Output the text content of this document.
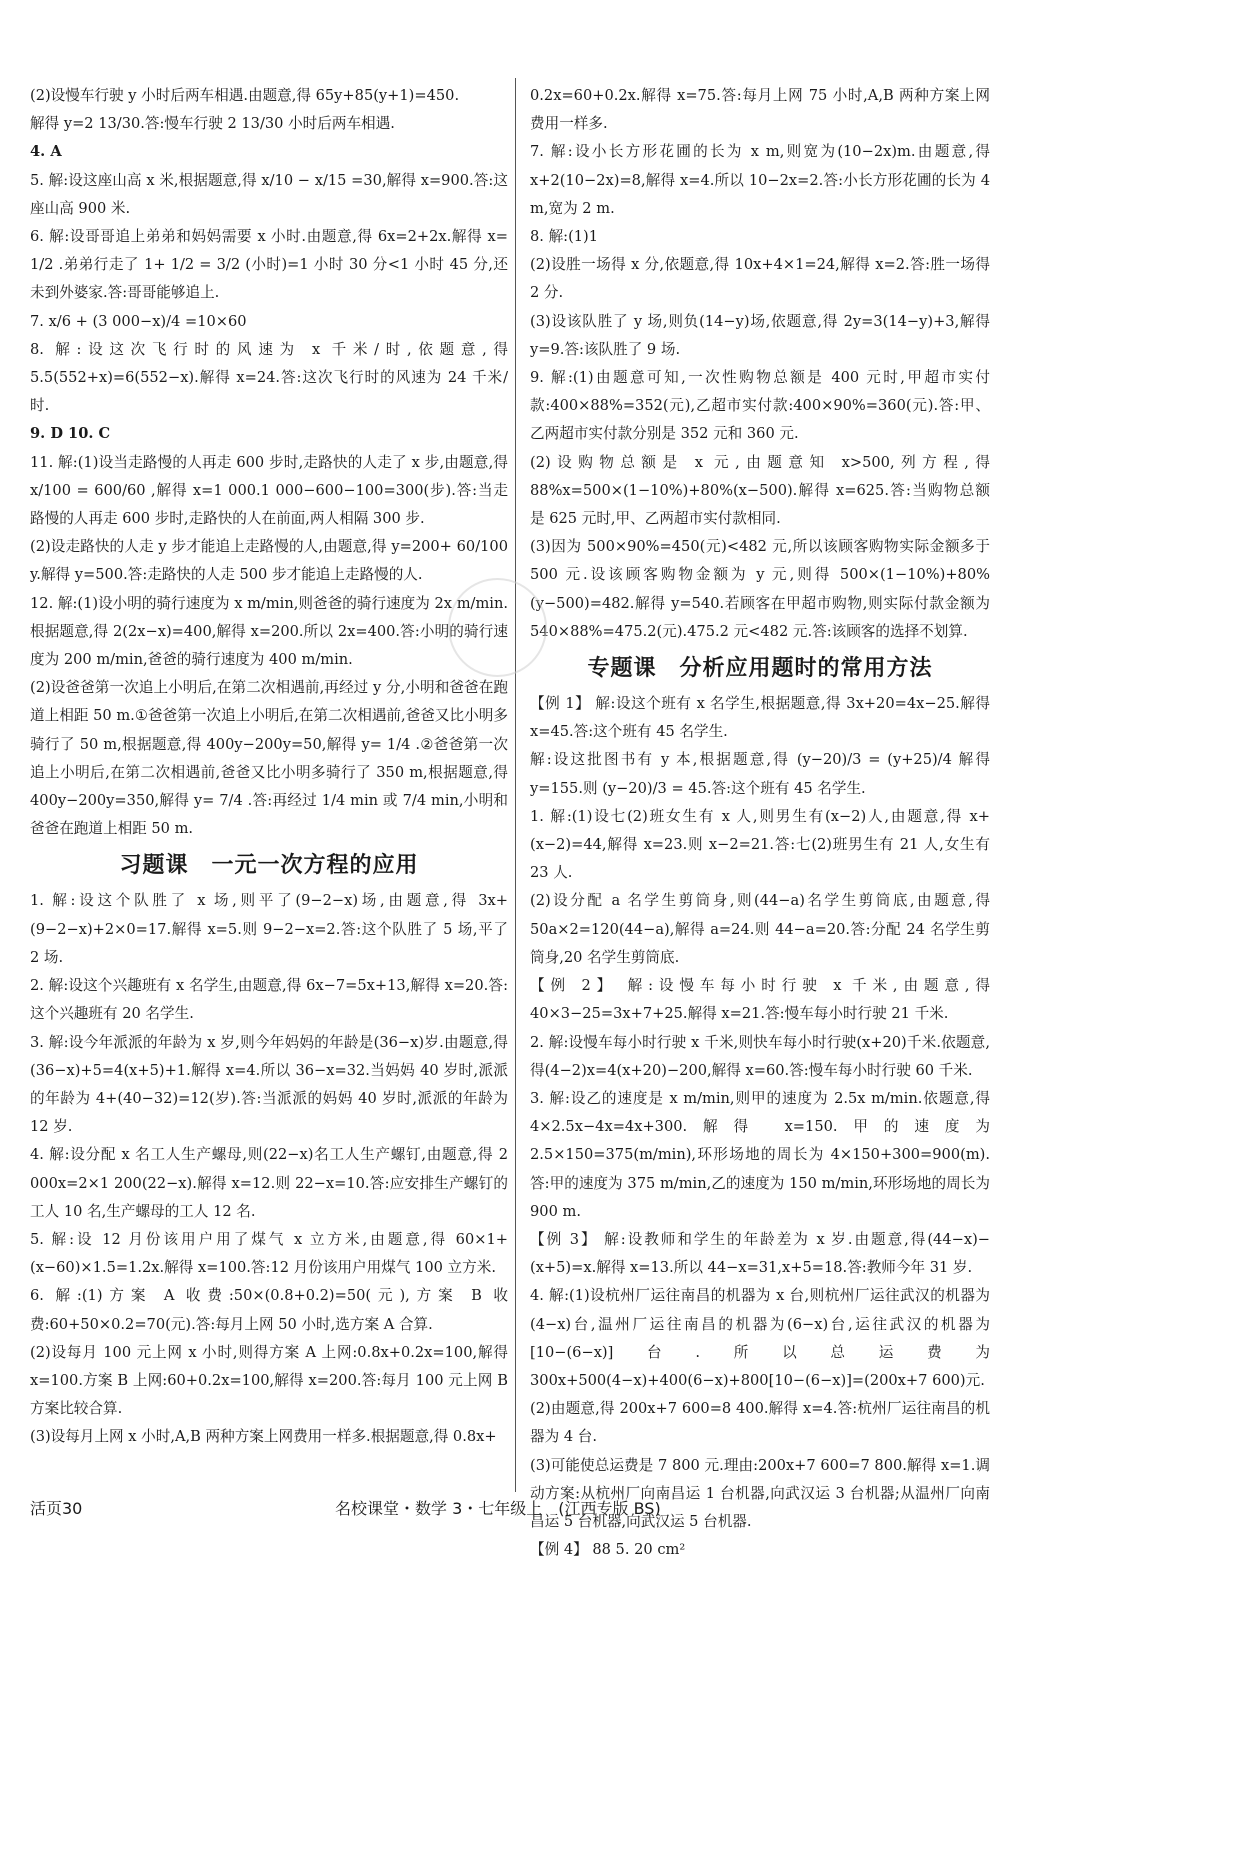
(2)设慢车行驶 y 小时后两车相遇.由题意,得 65y+85(y+1)=450.

解得 y=2 13/30.答:慢车行驶 2 13/30 小时后两车相遇.

4. A

5. 解:设这座山高 x 米,根据题意,得 x/10 − x/15 =30,解得 x=900.答:这座山高 900 米.

6. 解:设哥哥追上弟弟和妈妈需要 x 小时.由题意,得 6x=2+2x.解得 x= 1/2 .弟弟行走了 1+ 1/2 = 3/2 (小时)=1 小时 30 分<1 小时 45 分,还未到外婆家.答:哥哥能够追上.

7. x/6 + (3 000−x)/4 =10×60

8. 解:设这次飞行时的风速为 x 千米/时,依题意,得 5.5(552+x)=6(552−x).解得 x=24.答:这次飞行时的风速为 24 千米/时.

9. D 10. C

11. 解:(1)设当走路慢的人再走 600 步时,走路快的人走了 x 步,由题意,得 x/100 = 600/60 ,解得 x=1 000.1 000−600−100=300(步).答:当走路慢的人再走 600 步时,走路快的人在前面,两人相隔 300 步.

(2)设走路快的人走 y 步才能追上走路慢的人,由题意,得 y=200+ 60/100 y.解得 y=500.答:走路快的人走 500 步才能追上走路慢的人.

12. 解:(1)设小明的骑行速度为 x m/min,则爸爸的骑行速度为 2x m/min.根据题意,得 2(2x−x)=400,解得 x=200.所以 2x=400.答:小明的骑行速度为 200 m/min,爸爸的骑行速度为 400 m/min.

(2)设爸爸第一次追上小明后,在第二次相遇前,再经过 y 分,小明和爸爸在跑道上相距 50 m.①爸爸第一次追上小明后,在第二次相遇前,爸爸又比小明多骑行了 50 m,根据题意,得 400y−200y=50,解得 y= 1/4 .②爸爸第一次追上小明后,在第二次相遇前,爸爸又比小明多骑行了 350 m,根据题意,得 400y−200y=350,解得 y= 7/4 .答:再经过 1/4 min 或 7/4 min,小明和爸爸在跑道上相距 50 m.

习题课　一元一次方程的应用

1. 解:设这个队胜了 x 场,则平了(9−2−x)场,由题意,得 3x+(9−2−x)+2×0=17.解得 x=5.则 9−2−x=2.答:这个队胜了 5 场,平了 2 场.

2. 解:设这个兴趣班有 x 名学生,由题意,得 6x−7=5x+13,解得 x=20.答:这个兴趣班有 20 名学生.

3. 解:设今年派派的年龄为 x 岁,则今年妈妈的年龄是(36−x)岁.由题意,得(36−x)+5=4(x+5)+1.解得 x=4.所以 36−x=32.当妈妈 40 岁时,派派的年龄为 4+(40−32)=12(岁).答:当派派的妈妈 40 岁时,派派的年龄为 12 岁.

4. 解:设分配 x 名工人生产螺母,则(22−x)名工人生产螺钉,由题意,得 2 000x=2×1 200(22−x).解得 x=12.则 22−x=10.答:应安排生产螺钉的工人 10 名,生产螺母的工人 12 名.

5. 解:设 12 月份该用户用了煤气 x 立方米,由题意,得 60×1+(x−60)×1.5=1.2x.解得 x=100.答:12 月份该用户用煤气 100 立方米.

6. 解:(1)方案 A 收费:50×(0.8+0.2)=50(元),方案 B 收费:60+50×0.2=70(元).答:每月上网 50 小时,选方案 A 合算.

(2)设每月 100 元上网 x 小时,则得方案 A 上网:0.8x+0.2x=100,解得 x=100.方案 B 上网:60+0.2x=100,解得 x=200.答:每月 100 元上网 B 方案比较合算.

(3)设每月上网 x 小时,A,B 两种方案上网费用一样多.根据题意,得 0.8x+

0.2x=60+0.2x.解得 x=75.答:每月上网 75 小时,A,B 两种方案上网费用一样多.

7. 解:设小长方形花圃的长为 x m,则宽为(10−2x)m.由题意,得 x+2(10−2x)=8,解得 x=4.所以 10−2x=2.答:小长方形花圃的长为 4 m,宽为 2 m.

8. 解:(1)1

(2)设胜一场得 x 分,依题意,得 10x+4×1=24,解得 x=2.答:胜一场得 2 分.

(3)设该队胜了 y 场,则负(14−y)场,依题意,得 2y=3(14−y)+3,解得 y=9.答:该队胜了 9 场.

9. 解:(1)由题意可知,一次性购物总额是 400 元时,甲超市实付款:400×88%=352(元),乙超市实付款:400×90%=360(元).答:甲、乙两超市实付款分别是 352 元和 360 元.

(2)设购物总额是 x 元,由题意知 x>500,列方程,得 88%x=500×(1−10%)+80%(x−500).解得 x=625.答:当购物总额是 625 元时,甲、乙两超市实付款相同.

(3)因为 500×90%=450(元)<482 元,所以该顾客购物实际金额多于 500 元.设该顾客购物金额为 y 元,则得 500×(1−10%)+80%(y−500)=482.解得 y=540.若顾客在甲超市购物,则实际付款金额为 540×88%=475.2(元).475.2 元<482 元.答:该顾客的选择不划算.

专题课　分析应用题时的常用方法

【例 1】 解:设这个班有 x 名学生,根据题意,得 3x+20=4x−25.解得 x=45.答:这个班有 45 名学生.

解:设这批图书有 y 本,根据题意,得 (y−20)/3 = (y+25)/4 解得 y=155.则 (y−20)/3 = 45.答:这个班有 45 名学生.

1. 解:(1)设七(2)班女生有 x 人,则男生有(x−2)人,由题意,得 x+(x−2)=44,解得 x=23.则 x−2=21.答:七(2)班男生有 21 人,女生有 23 人.

(2)设分配 a 名学生剪筒身,则(44−a)名学生剪筒底,由题意,得 50a×2=120(44−a),解得 a=24.则 44−a=20.答:分配 24 名学生剪筒身,20 名学生剪筒底.

【例 2】 解:设慢车每小时行驶 x 千米,由题意,得 40×3−25=3x+7+25.解得 x=21.答:慢车每小时行驶 21 千米.

2. 解:设慢车每小时行驶 x 千米,则快车每小时行驶(x+20)千米.依题意,得(4−2)x=4(x+20)−200,解得 x=60.答:慢车每小时行驶 60 千米.

3. 解:设乙的速度是 x m/min,则甲的速度为 2.5x m/min.依题意,得 4×2.5x−4x=4x+300.解得 x=150.甲的速度为 2.5×150=375(m/min),环形场地的周长为 4×150+300=900(m).答:甲的速度为 375 m/min,乙的速度为 150 m/min,环形场地的周长为 900 m.

【例 3】 解:设教师和学生的年龄差为 x 岁.由题意,得(44−x)−(x+5)=x.解得 x=13.所以 44−x=31,x+5=18.答:教师今年 31 岁.

4. 解:(1)设杭州厂运往南昌的机器为 x 台,则杭州厂运往武汉的机器为(4−x)台,温州厂运往南昌的机器为(6−x)台,运往武汉的机器为[10−(6−x)]台.所以总运费为 300x+500(4−x)+400(6−x)+800[10−(6−x)]=(200x+7 600)元.

(2)由题意,得 200x+7 600=8 400.解得 x=4.答:杭州厂运往南昌的机器为 4 台.

(3)可能使总运费是 7 800 元.理由:200x+7 600=7 800.解得 x=1.调动方案:从杭州厂向南昌运 1 台机器,向武汉运 3 台机器;从温州厂向南昌运 5 台机器,向武汉运 5 台机器.

【例 4】 88 5. 20 cm²

活页30	名校课堂・数学 3・七年级上　(江西专版 BS)
